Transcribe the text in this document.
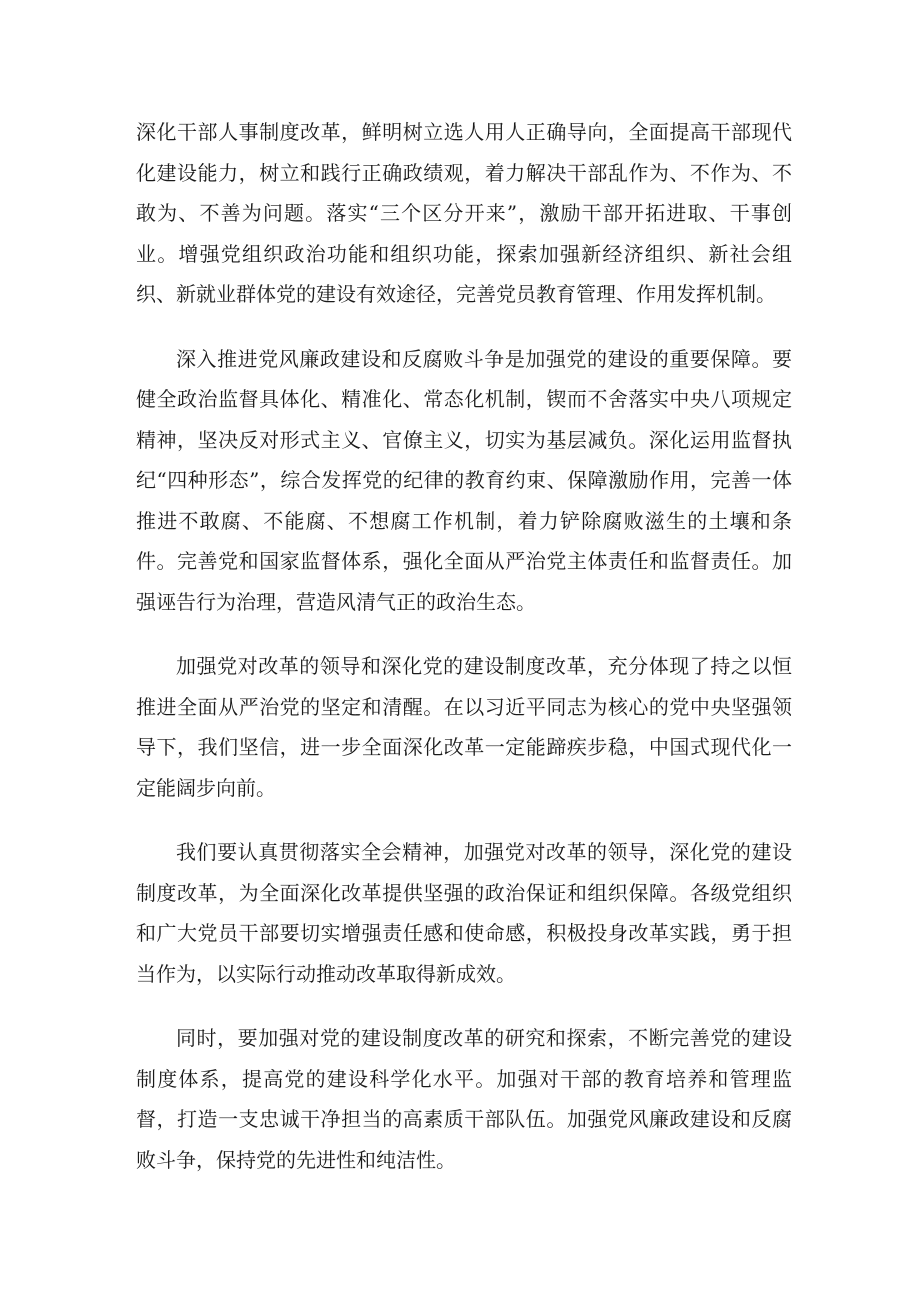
深化干部人事制度改革，鲜明树立选人用人正确导向，全面提高干部现代化建设能力，树立和践行正确政绩观，着力解决干部乱作为、不作为、不敢为、不善为问题。落实“三个区分开来”，激励干部开拓进取、干事创业。增强党组织政治功能和组织功能，探索加强新经济组织、新社会组织、新就业群体党的建设有效途径，完善党员教育管理、作用发挥机制。

深入推进党风廉政建设和反腐败斗争是加强党的建设的重要保障。要健全政治监督具体化、精准化、常态化机制，锲而不舍落实中央八项规定精神，坚决反对形式主义、官僚主义，切实为基层减负。深化运用监督执纪“四种形态”，综合发挥党的纪律的教育约束、保障激励作用，完善一体推进不敢腐、不能腐、不想腐工作机制，着力铲除腐败滋生的土壤和条件。完善党和国家监督体系，强化全面从严治党主体责任和监督责任。加强诬告行为治理，营造风清气正的政治生态。

加强党对改革的领导和深化党的建设制度改革，充分体现了持之以恒推进全面从严治党的坚定和清醒。在以习近平同志为核心的党中央坚强领导下，我们坚信，进一步全面深化改革一定能蹄疾步稳，中国式现代化一定能阔步向前。

我们要认真贯彻落实全会精神，加强党对改革的领导，深化党的建设制度改革，为全面深化改革提供坚强的政治保证和组织保障。各级党组织和广大党员干部要切实增强责任感和使命感，积极投身改革实践，勇于担当作为，以实际行动推动改革取得新成效。

同时，要加强对党的建设制度改革的研究和探索，不断完善党的建设制度体系，提高党的建设科学化水平。加强对干部的教育培养和管理监督，打造一支忠诚干净担当的高素质干部队伍。加强党风廉政建设和反腐败斗争，保持党的先进性和纯洁性。
